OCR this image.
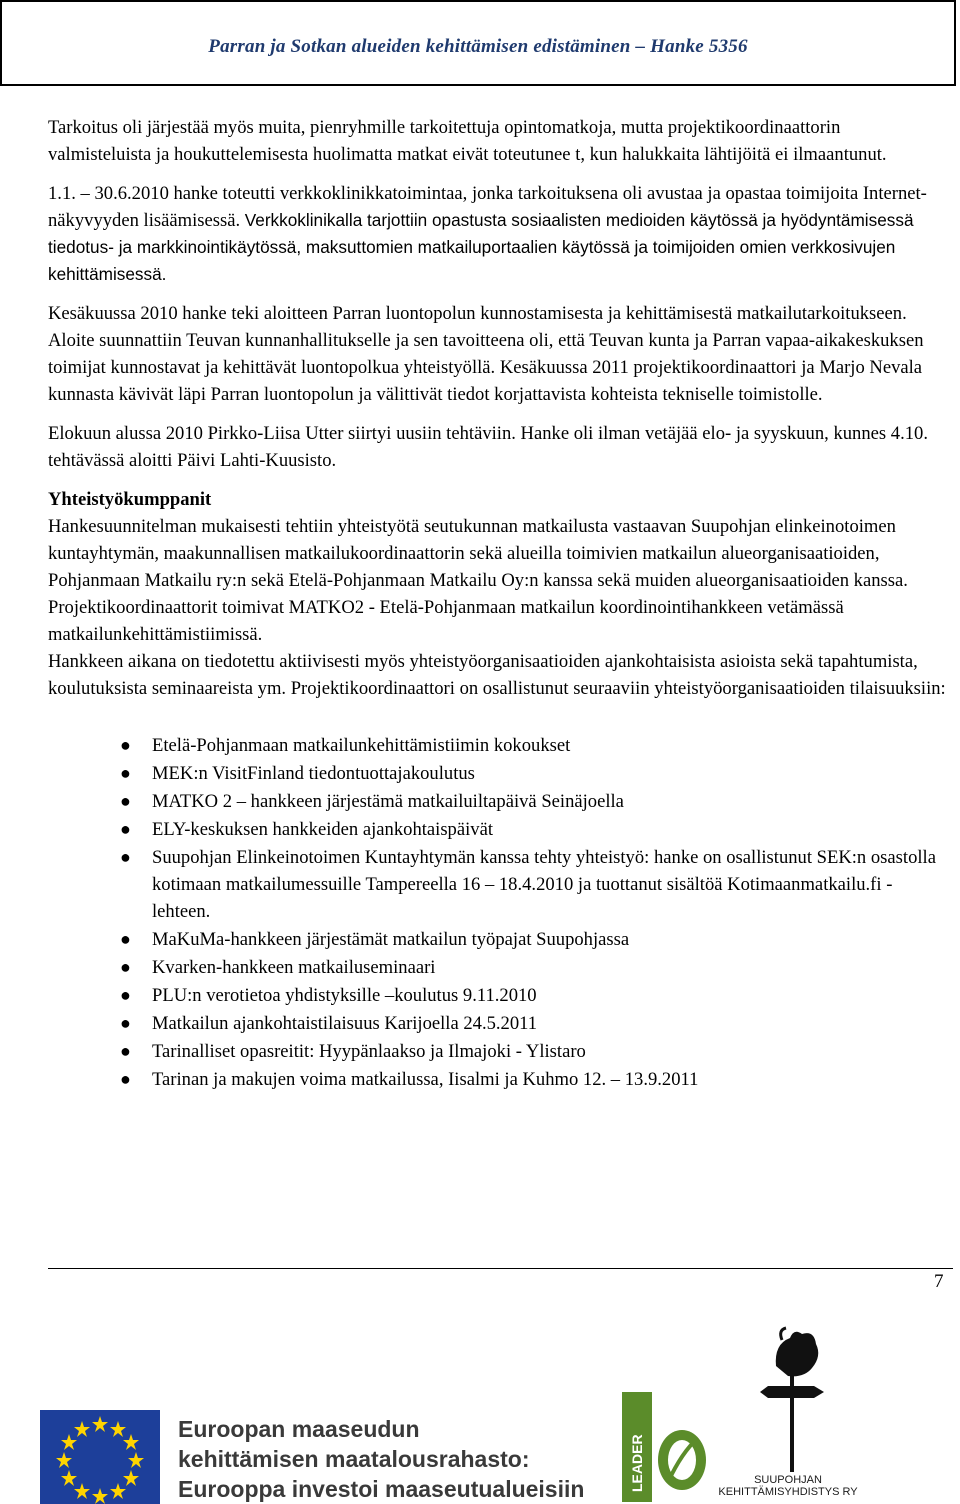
Parran ja Sotkan alueiden kehittämisen edistäminen – Hanke 5356

Tarkoitus oli järjestää myös muita, pienryhmille tarkoitettuja opintomatkoja, mutta projektikoordinaattorin valmisteluista ja houkuttelemisesta huolimatta matkat eivät toteutunee t, kun halukkaita lähtijöitä ei ilmaantunut.

1.1. – 30.6.2010 hanke toteutti verkkoklinikkatoimintaa, jonka tarkoituksena oli avustaa ja opastaa toimijoita Internet-näkyvyyden lisäämisessä. Verkkoklinikalla tarjottiin opastusta sosiaalisten medioiden käytössä ja hyödyntämisessä tiedotus- ja markkinointikäytössä, maksuttomien matkailuportaalien käytössä ja toimijoiden omien verkkosivujen kehittämisessä.

Kesäkuussa 2010 hanke teki aloitteen Parran luontopolun kunnostamisesta ja kehittämisestä matkailutarkoitukseen. Aloite suunnattiin Teuvan kunnanhallitukselle ja sen tavoitteena oli, että Teuvan kunta ja Parran vapaa-aikakeskuksen toimijat kunnostavat ja kehittävät luontopolkua yhteistyöllä. Kesäkuussa 2011 projektikoordinaattori ja Marjo Nevala kunnasta kävivät läpi Parran luontopolun ja välittivät tiedot korjattavista kohteista tekniselle toimistolle.

Elokuun alussa 2010 Pirkko-Liisa Utter siirtyi uusiin tehtäviin. Hanke oli ilman vetäjää elo- ja syyskuun, kunnes 4.10. tehtävässä aloitti Päivi Lahti-Kuusisto.

Yhteistyökumppanit

Hankesuunnitelman mukaisesti tehtiin yhteistyötä seutukunnan matkailusta vastaavan Suupohjan elinkeinotoimen kuntayhtymän, maakunnallisen matkailukoordinaattorin sekä alueilla toimivien matkailun alueorganisaatioiden, Pohjanmaan Matkailu ry:n sekä Etelä-Pohjanmaan Matkailu Oy:n kanssa sekä muiden alueorganisaatioiden kanssa.

Projektikoordinaattorit toimivat MATKO2 - Etelä-Pohjanmaan matkailun koordinointihankkeen vetämässä matkailunkehittämistiimissä.

Hankkeen aikana on tiedotettu aktiivisesti myös yhteistyöorganisaatioiden ajankohtaisista asioista sekä tapahtumista, koulutuksista seminaareista ym. Projektikoordinaattori on osallistunut seuraaviin yhteistyöorganisaatioiden tilaisuuksiin:

● Etelä-Pohjanmaan matkailunkehittämistiimin kokoukset
● MEK:n VisitFinland tiedontuottajakoulutus
● MATKO 2 – hankkeen järjestämä matkailuiltapäivä Seinäjoella
● ELY-keskuksen hankkeiden ajankohtaispäivät
● Suupohjan Elinkeinotoimen Kuntayhtymän kanssa tehty yhteistyö: hanke on osallistunut SEK:n osastolla kotimaan matkailumessuille Tampereella 16 – 18.4.2010 ja tuottanut sisältöä Kotimaanmatkailu.fi -lehteen.
● MaKuMa-hankkeen järjestämät matkailun työpajat Suupohjassa
● Kvarken-hankkeen matkailuseminaari
● PLU:n verotietoa yhdistyksille –koulutus 9.11.2010
● Matkailun ajankohtaistilaisuus Karijoella 24.5.2011
● Tarinalliset opasreitit: Hyypänlaakso ja Ilmajoki - Ylistaro
● Tarinan ja makujen voima matkailussa, Iisalmi ja Kuhmo 12. – 13.9.2011
7
Euroopan maaseudun
kehittämisen maatalousrahasto:
Eurooppa investoi maaseutualueisiin	LEADER	SUUPOHJAN
KEHITTÄMISYHDISTYS RY
